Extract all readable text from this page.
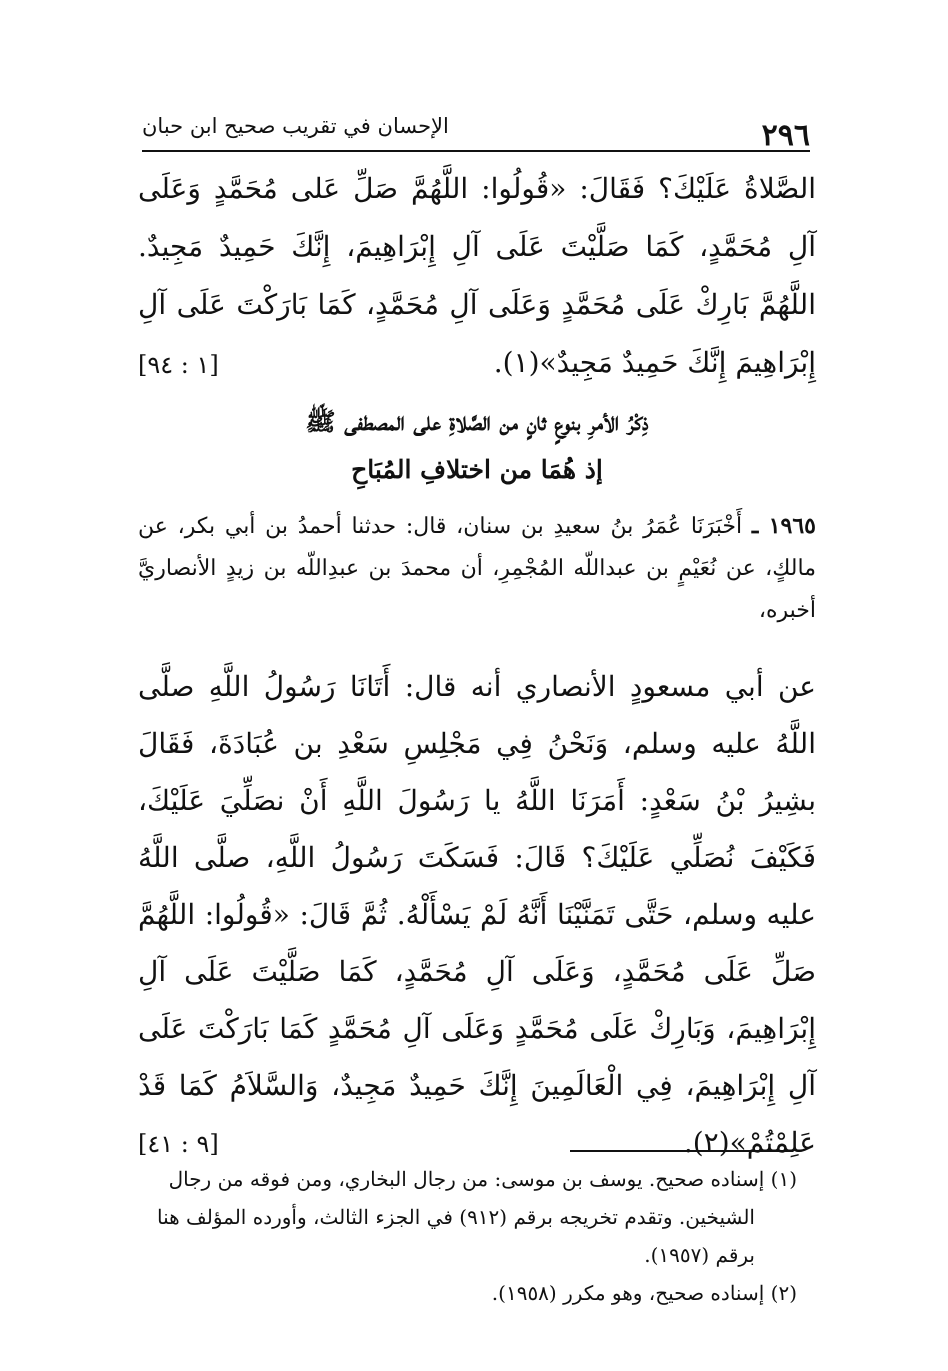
٢٩٦
الإحسان في تقريب صحيح ابن حبان
الصَّلاةُ عَلَيْكَ؟ فَقَالَ: «قُولُوا: اللَّهُمَّ صَلِّ عَلى مُحَمَّدٍ وَعَلَى آلِ مُحَمَّدٍ، كَمَا صَلَّيْتَ عَلَى آلِ إِبْرَاهِيمَ، إِنَّكَ حَمِيدٌ مَجِيدٌ. اللَّهُمَّ بَارِكْ عَلَى مُحَمَّدٍ وَعَلَى آلِ مُحَمَّدٍ، كَمَا بَارَكْتَ عَلَى آلِ إِبْرَاهِيمَ إِنَّكَ حَمِيدٌ مَجِيدٌ»(١).
[١ : ٩٤]
ذِكْرُ الأمرِ بنوعٍ ثانٍ من الصَّلاةِ على المصطفى ﷺ
إذ هُمَا من اختلافِ المُبَاحِ
١٩٦٥ ـ أَخْبَرَنَا عُمَرُ بنُ سعيدِ بن سنان، قال: حدثنا أحمدُ بن أبي بكر، عن مالكٍ، عن نُعَيْمٍ بن عبداللّه المُجْمِرِ، أن محمدَ بن عبدِاللّه بن زيدٍ الأنصاريَّ أخبره،
عن أبي مسعودٍ الأنصاري أنه قال: أَتَانَا رَسُولُ اللَّهِ صلَّى اللَّهُ عليه وسلم، وَنَحْنُ فِي مَجْلِسِ سَعْدِ بن عُبَادَةَ، فَقَالَ بشِيرُ بْنُ سَعْدٍ: أَمَرَنَا اللَّهُ يا رَسُولَ اللَّهِ أَنْ نصَلِّيَ عَلَيْكَ، فَكَيْفَ نُصَلِّي عَلَيْكَ؟ قَالَ: فَسَكَتَ رَسُولُ اللَّهِ، صلَّى اللَّهُ عليه وسلم، حَتَّى تَمَنَّيْنَا أَنَّهُ لَمْ يَسْأَلْهُ. ثُمَّ قَالَ: «قُولُوا: اللَّهُمَّ صَلِّ عَلَى مُحَمَّدٍ، وَعَلَى آلِ مُحَمَّدٍ، كَمَا صَلَّيْتَ عَلَى آلِ إِبْرَاهِيمَ، وَبَارِكْ عَلَى مُحَمَّدٍ وَعَلَى آلِ مُحَمَّدٍ كَمَا بَارَكْتَ عَلَى آلِ إِبْرَاهِيمَ، فِي الْعَالَمِينَ إِنَّكَ حَمِيدٌ مَجِيدٌ، وَالسَّلاَمُ كَمَا قَدْ عَلِمْتُمْ»(٢).
[٩ : ٤١]

(١) إسناده صحيح. يوسف بن موسى: من رجال البخاري، ومن فوقه من رجال الشيخين. وتقدم تخريجه برقم (٩١٢) في الجزء الثالث، وأورده المؤلف هنا برقم (١٩٥٧).

(٢) إسناده صحيح، وهو مكرر (١٩٥٨).
